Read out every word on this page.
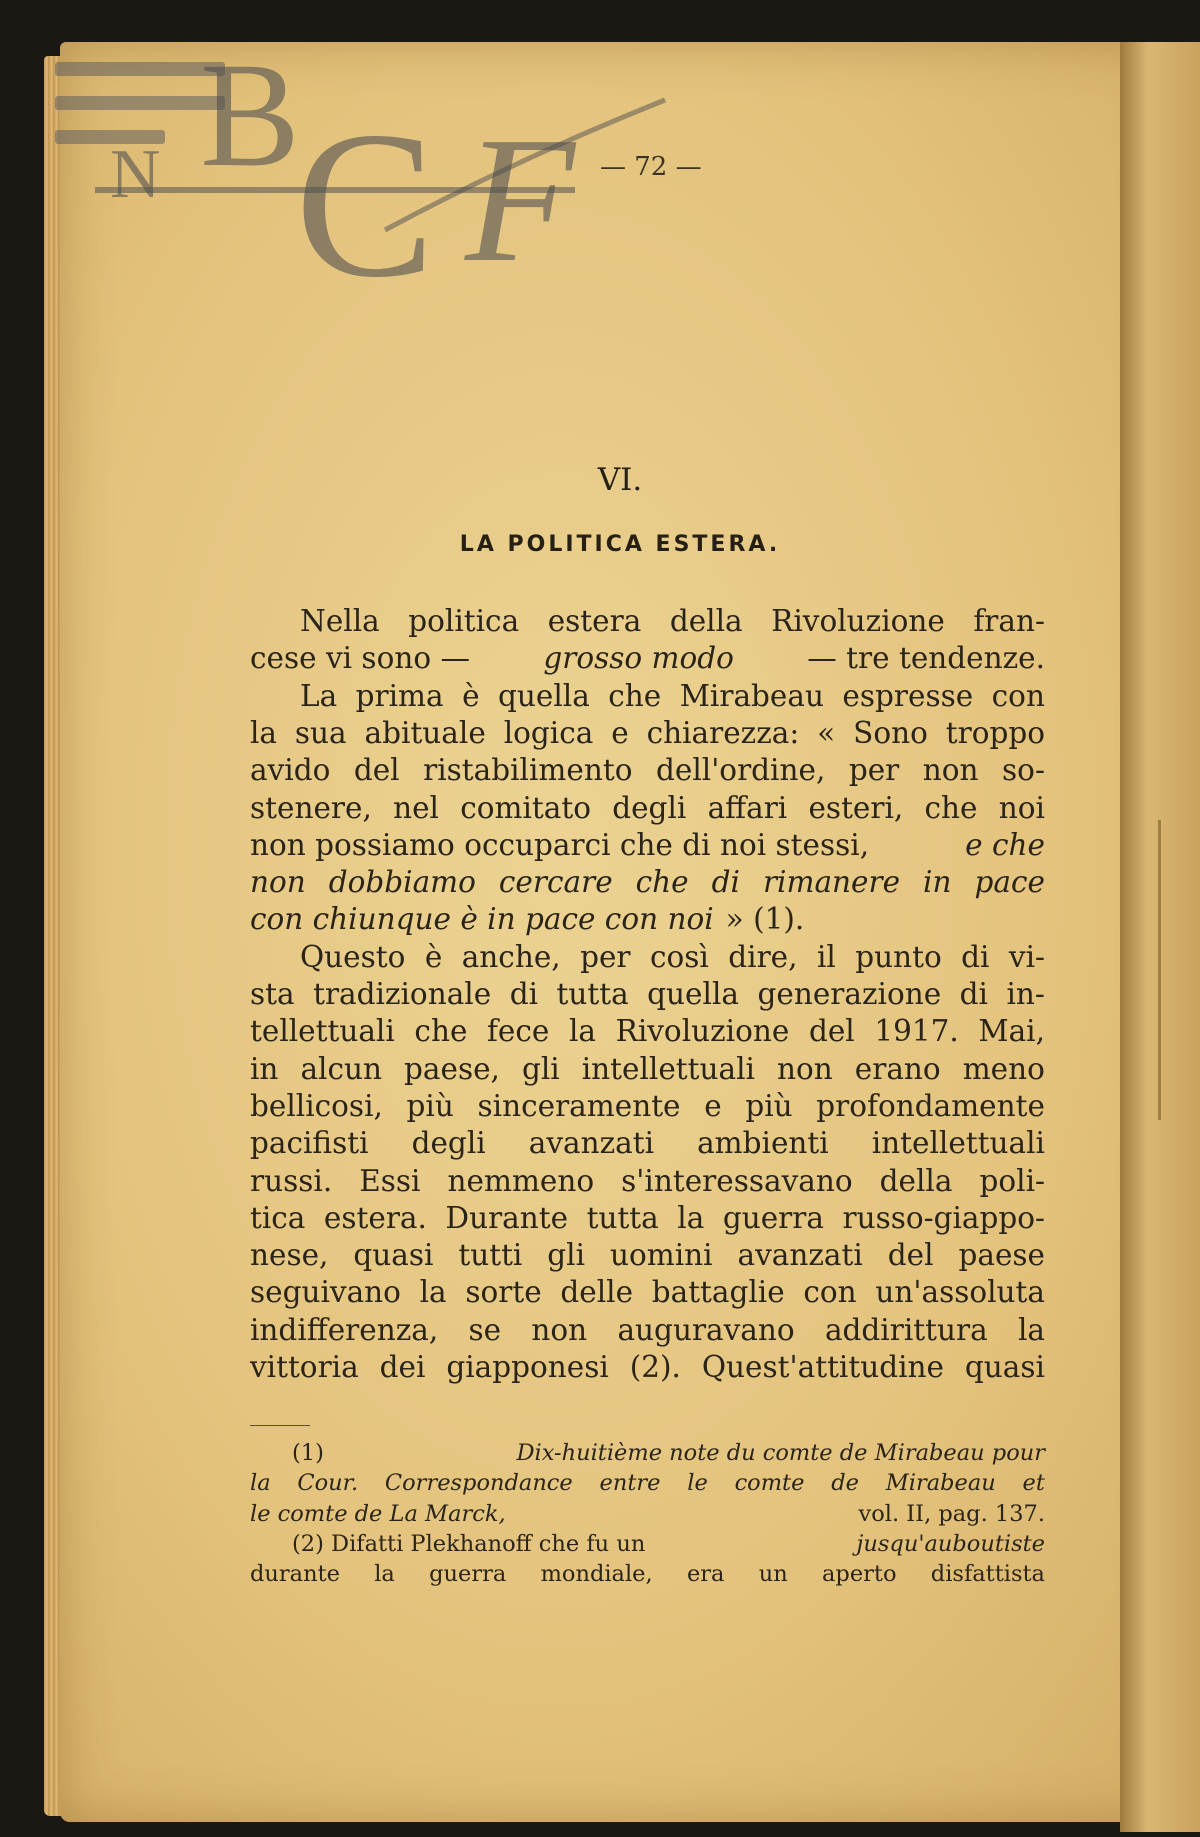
N B
C F — 72 —
VI.
LA POLITICA ESTERA.
Nella politica estera della Rivoluzione fran-
cese vi sono — grosso modo — tre tendenze.
La prima è quella che Mirabeau espresse con
la sua abituale logica e chiarezza: « Sono troppo
avido del ristabilimento dell'ordine, per non so-
stenere, nel comitato degli affari esteri, che noi
non possiamo occuparci che di noi stessi,	e che
non dobbiamo cercare che di rimanere in pace
con chiunque è in pace con noi » (1).
Questo è anche, per così dire, il punto di vi-
sta tradizionale di tutta quella generazione di in-
tellettuali che fece la Rivoluzione del 1917. Mai,
in alcun paese, gli intellettuali non erano meno
bellicosi, più sinceramente e più profondamente
pacifisti degli avanzati ambienti intellettuali
russi. Essi nemmeno s'interessavano della poli-
tica estera. Durante tutta la guerra russo-giappo-
nese, quasi tutti gli uomini avanzati del paese
seguivano la sorte delle battaglie con un'assoluta
indifferenza, se non auguravano addirittura la
vittoria dei giapponesi (2). Quest'attitudine quasi
(1)	Dix-huitième note du comte de Mirabeau pour
la Cour. Correspondance entre le comte de Mirabeau et
le comte de La Marck,	vol. II, pag. 137.
(2) Difatti Plekhanoff che fu un	jusqu'auboutiste
durante la guerra mondiale, era un aperto disfattista
